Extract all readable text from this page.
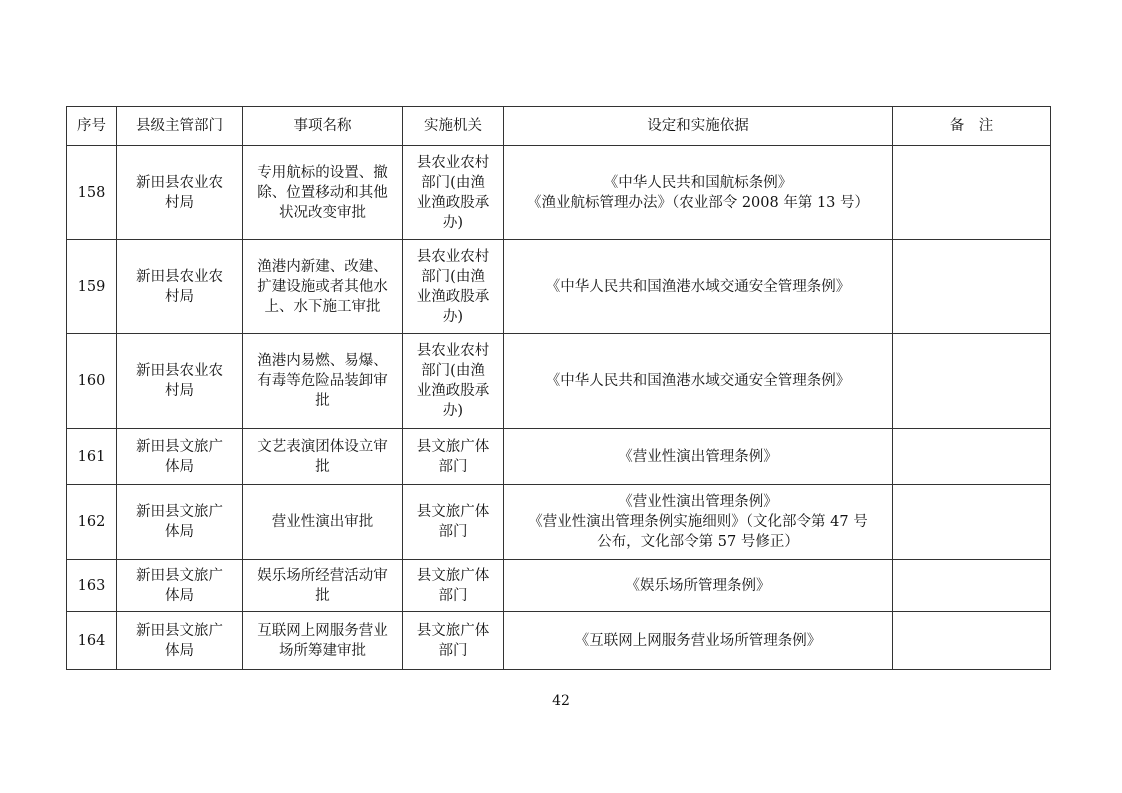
序号	县级主管部门	事项名称	实施机关	设定和实施依据	备　注
158	新田县农业农
村局	专用航标的设置、撤
除、位置移动和其他
状况改变审批	县农业农村
部门(由渔
业渔政股承
办)	《中华人民共和国航标条例》
《渔业航标管理办法》（农业部令 2008 年第 13 号）	

159	新田县农业农
村局	渔港内新建、改建、
扩建设施或者其他水
上、水下施工审批	县农业农村
部门(由渔
业渔政股承
办)	《中华人民共和国渔港水域交通安全管理条例》	

160	新田县农业农
村局	渔港内易燃、易爆、
有毒等危险品装卸审
批	县农业农村
部门(由渔
业渔政股承
办)	《中华人民共和国渔港水域交通安全管理条例》	

161	新田县文旅广
体局	文艺表演团体设立审
批	县文旅广体
部门	《营业性演出管理条例》	

162	新田县文旅广
体局	营业性演出审批	县文旅广体
部门	《营业性演出管理条例》
《营业性演出管理条例实施细则》（文化部令第 47 号
公布，文化部令第 57 号修正）	

163	新田县文旅广
体局	娱乐场所经营活动审
批	县文旅广体
部门	《娱乐场所管理条例》	

164	新田县文旅广
体局	互联网上网服务营业
场所筹建审批	县文旅广体
部门	《互联网上网服务营业场所管理条例》	

42
